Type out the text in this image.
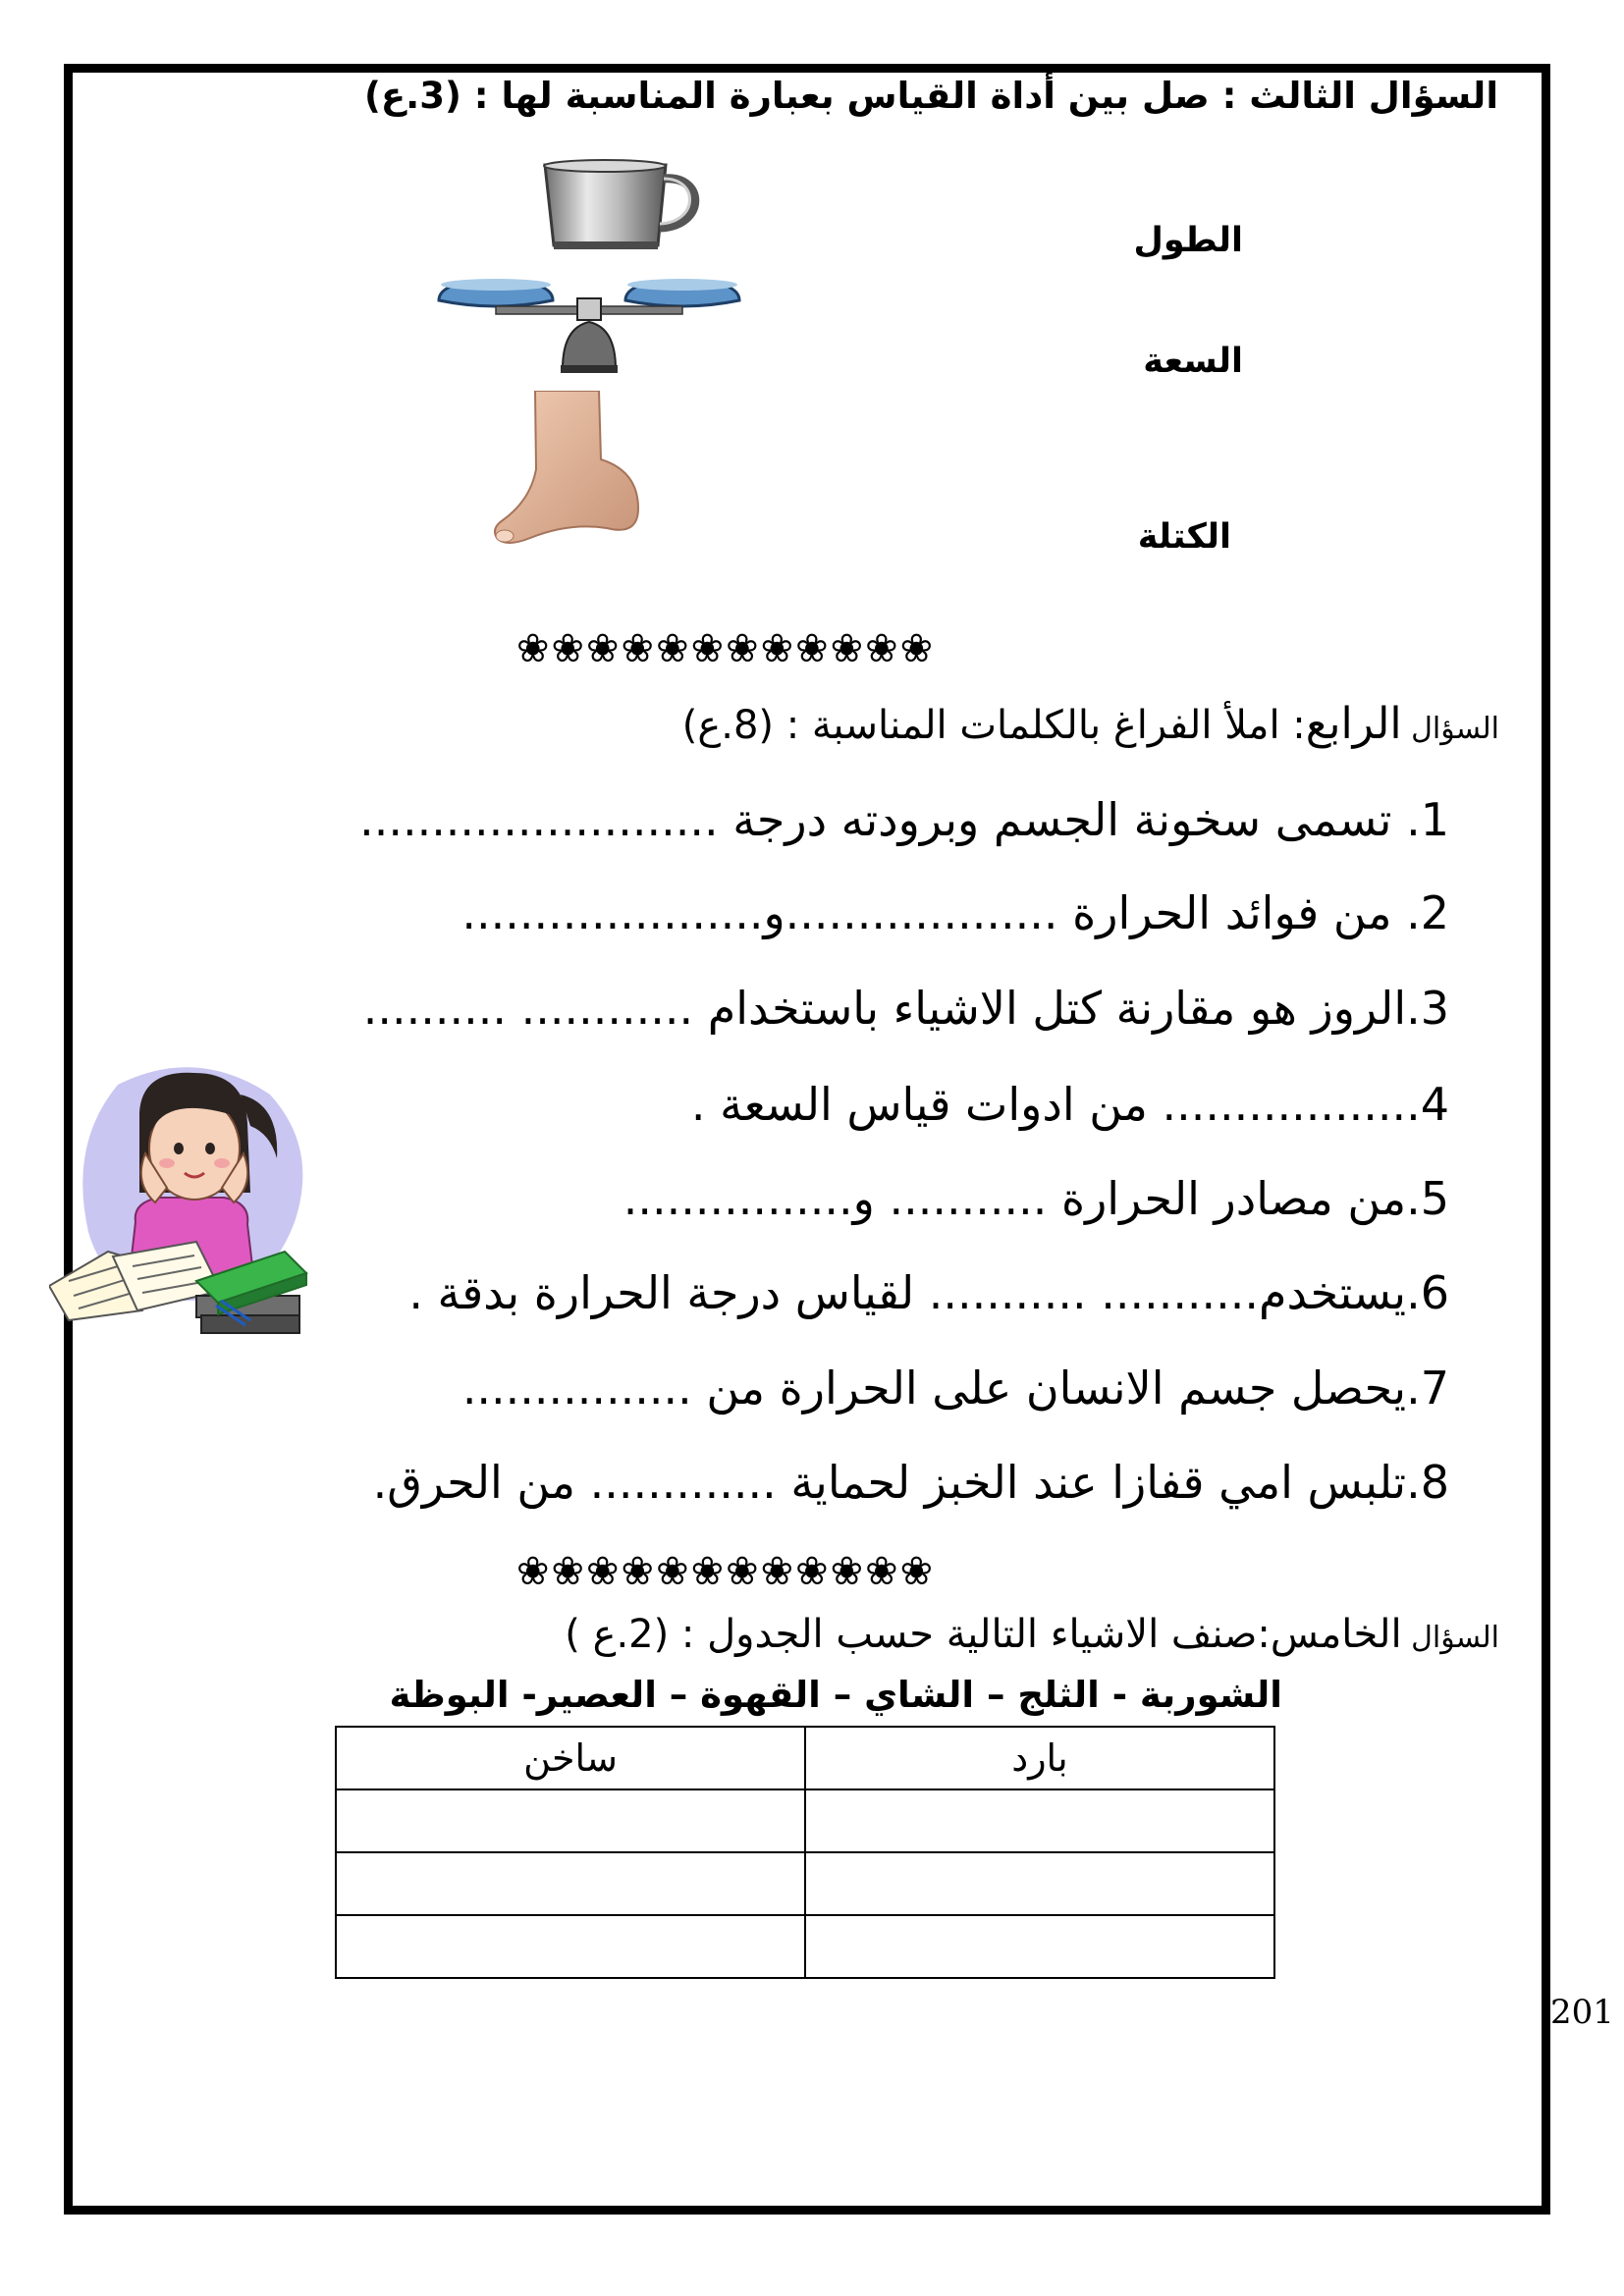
السؤال الثالث : صل بين أداة القياس بعبارة المناسبة لها : (3.ع)
الطول
السعة
الكتلة
❀❀❀❀❀❀❀❀❀❀❀❀
السؤال الرابع: املأ الفراغ بالكلمات المناسبة : (8.ع)
1. تسمى سخونة الجسم وبرودته درجة .........................
2. من فوائد الحرارة ...................و.....................
3.الروز هو مقارنة كتل الاشياء باستخدام ............ ..........
4.................. من ادوات قياس السعة .
5.من مصادر الحرارة ........... و................
6.يستخدم........... ........... لقياس درجة الحرارة بدقة .
7.يحصل جسم الانسان على الحرارة من ................
8.تلبس امي قفازا عند الخبز لحماية ............. من الحرق.
❀❀❀❀❀❀❀❀❀❀❀❀
السؤال الخامس:صنف الاشياء التالية حسب الجدول : (2.ع )
الشوربة - الثلج – الشاي – القهوة – العصير- البوظة
بارد	ساخن

201
